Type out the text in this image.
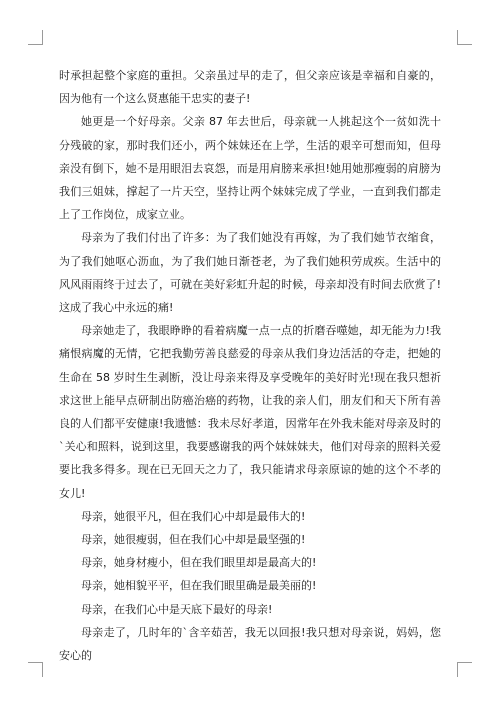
时承担起整个家庭的重担。父亲虽过早的走了，但父亲应该是幸福和自豪的，因为他有一个这么贤惠能干忠实的妻子!

她更是一个好母亲。父亲 87 年去世后，母亲就一人挑起这个一贫如洗十分残破的家，那时我们还小，两个妹妹还在上学，生活的艰辛可想而知，但母亲没有倒下，她不是用眼泪去哀怨，而是用肩膀来承担!她用她那瘦弱的肩膀为我们三姐妹，撑起了一片天空，坚持让两个妹妹完成了学业，一直到我们都走上了工作岗位，成家立业。

母亲为了我们付出了许多：为了我们她没有再嫁，为了我们她节衣缩食，为了我们她呕心沥血，为了我们她日渐苍老，为了我们她积劳成疾。生活中的风风雨雨终于过去了，可就在美好彩虹升起的时候，母亲却没有时间去欣赏了!这成了我心中永远的痛!

母亲她走了，我眼睁睁的看着病魔一点一点的折磨吞噬她，却无能为力!我痛恨病魔的无情，它把我勤劳善良慈爱的母亲从我们身边活活的夺走，把她的生命在 58 岁时生生剥断，没让母亲来得及享受晚年的美好时光!现在我只想祈求这世上能早点研制出防癌治癌的药物，让我的亲人们，朋友们和天下所有善良的人们都平安健康!我遗憾：我未尽好孝道，因常年在外我未能对母亲及时的`关心和照料，说到这里，我要感谢我的两个妹妹妹夫，他们对母亲的照料关爱要比我多得多。现在已无回天之力了，我只能请求母亲原谅的她的这个不孝的女儿!

母亲，她很平凡，但在我们心中却是最伟大的!

母亲，她很瘦弱，但在我们心中却是最坚强的!

母亲，她身材瘦小，但在我们眼里却是最高大的!

母亲，她相貌平平，但在我们眼里确是最美丽的!

母亲，在我们心中是天底下最好的母亲!

母亲走了，几时年的`含辛茹苦，我无以回报!我只想对母亲说，妈妈，您安心的
